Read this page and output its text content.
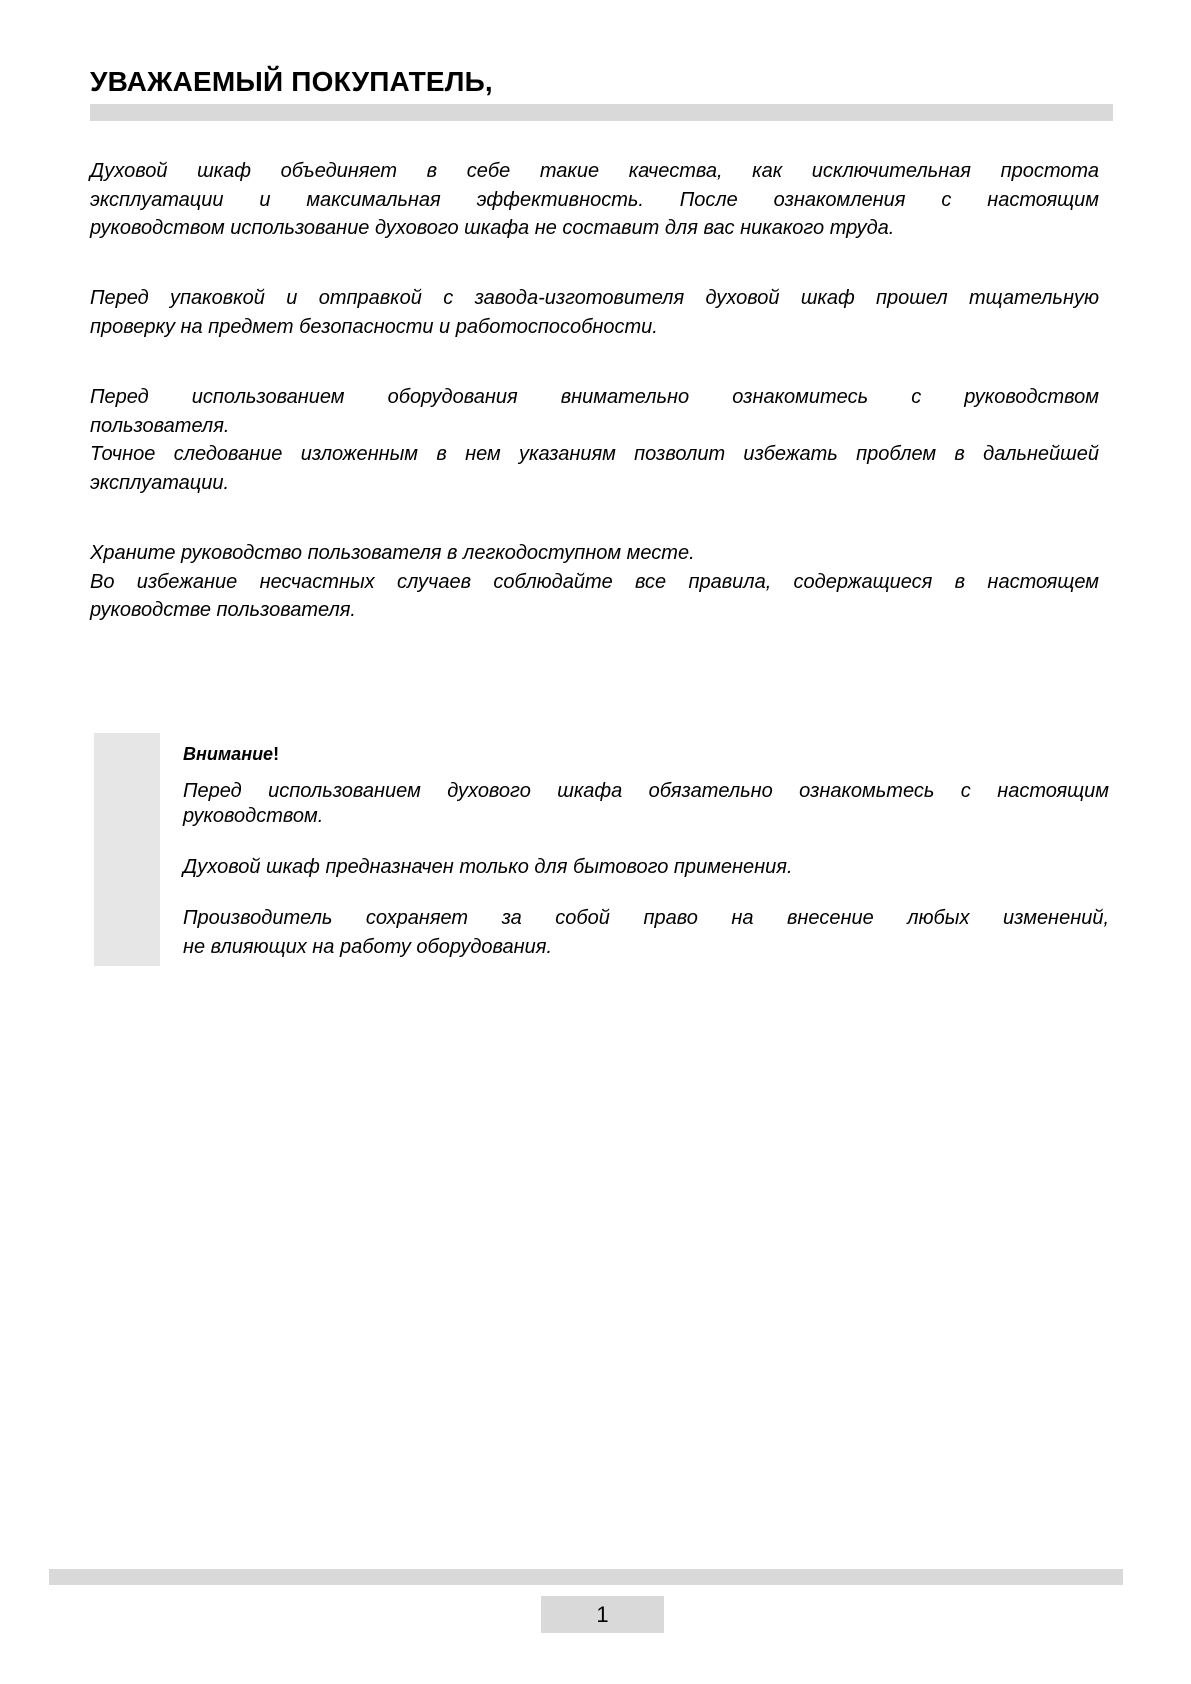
УВАЖАЕМЫЙ ПОКУПАТЕЛЬ,
Духовой шкаф объединяет в себе такие качества, как исключительная простота
эксплуатации и максимальная эффективность. После ознакомления с настоящим
руководством использование духового шкафа не составит для вас никакого труда.
Перед упаковкой и отправкой с завода-изготовителя духовой шкаф прошел тщательную
проверку на предмет безопасности и работоспособности.
Перед использованием оборудования внимательно ознакомитесь с руководством
пользователя.
Точное следование изложенным в нем указаниям позволит избежать проблем в дальнейшей
эксплуатации.
Храните руководство пользователя в легкодоступном месте.
Во избежание несчастных случаев соблюдайте все правила, содержащиеся в настоящем
руководстве пользователя.
Внимание!
Перед использованием духового шкафа обязательно ознакомьтесь с настоящим
руководством.
Духовой шкаф предназначен только для бытового применения.
Производитель сохраняет за собой право на внесение любых изменений,
не влияющих на работу оборудования.
1
